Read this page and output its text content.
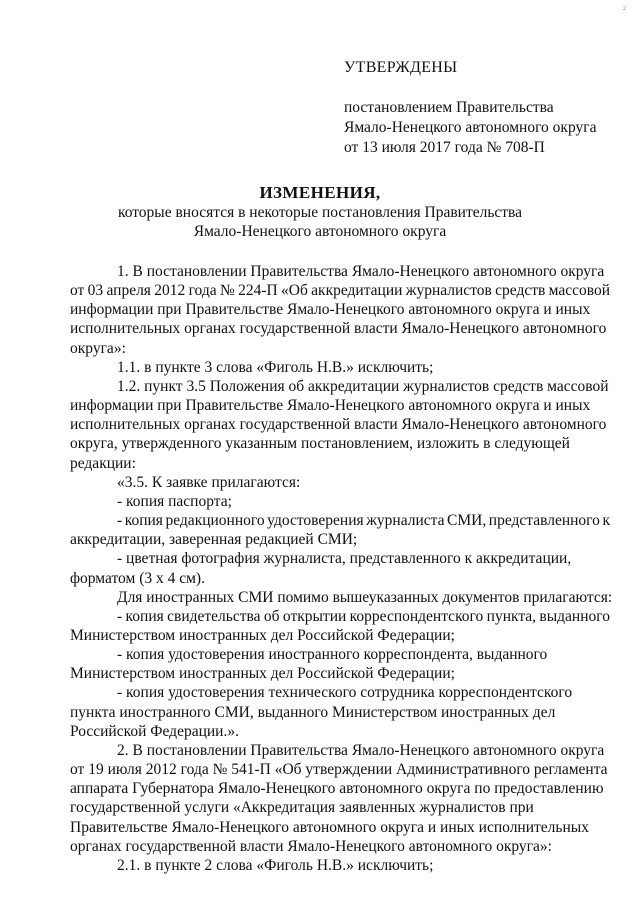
2
УТВЕРЖДЕНЫ
постановлением Правительства
Ямало-Ненецкого автономного округа
от 13 июля 2017 года № 708-П
ИЗМЕНЕНИЯ,
которые вносятся в некоторые постановления Правительства
Ямало-Ненецкого автономного округа
1. В постановлении Правительства Ямало-Ненецкого автономного округа
от 03 апреля 2012 года № 224-П «Об аккредитации журналистов средств массовой
информации при Правительстве Ямало-Ненецкого автономного округа и иных
исполнительных органах государственной власти Ямало-Ненецкого автономного
округа»:
1.1. в пункте 3 слова «Фиголь Н.В.» исключить;
1.2. пункт 3.5 Положения об аккредитации журналистов средств массовой
информации при Правительстве Ямало-Ненецкого автономного округа и иных
исполнительных органах государственной власти Ямало-Ненецкого автономного
округа, утвержденного указанным постановлением, изложить в следующей
редакции:
«3.5. К заявке прилагаются:
- копия паспорта;
- копия редакционного удостоверения журналиста СМИ, представленного к
аккредитации, заверенная редакцией СМИ;
- цветная фотография журналиста, представленного к аккредитации,
форматом (3 х 4 см).
Для иностранных СМИ помимо вышеуказанных документов прилагаются:
- копия свидетельства об открытии корреспондентского пункта, выданного
Министерством иностранных дел Российской Федерации;
- копия удостоверения иностранного корреспондента, выданного
Министерством иностранных дел Российской Федерации;
- копия удостоверения технического сотрудника корреспондентского
пункта иностранного СМИ, выданного Министерством иностранных дел
Российской Федерации.».
2. В постановлении Правительства Ямало-Ненецкого автономного округа
от 19 июля 2012 года № 541-П «Об утверждении Административного регламента
аппарата Губернатора Ямало-Ненецкого автономного округа по предоставлению
государственной услуги «Аккредитация заявленных журналистов при
Правительстве Ямало-Ненецкого автономного округа и иных исполнительных
органах государственной власти Ямало-Ненецкого автономного округа»:
2.1. в пункте 2 слова «Фиголь Н.В.» исключить;
